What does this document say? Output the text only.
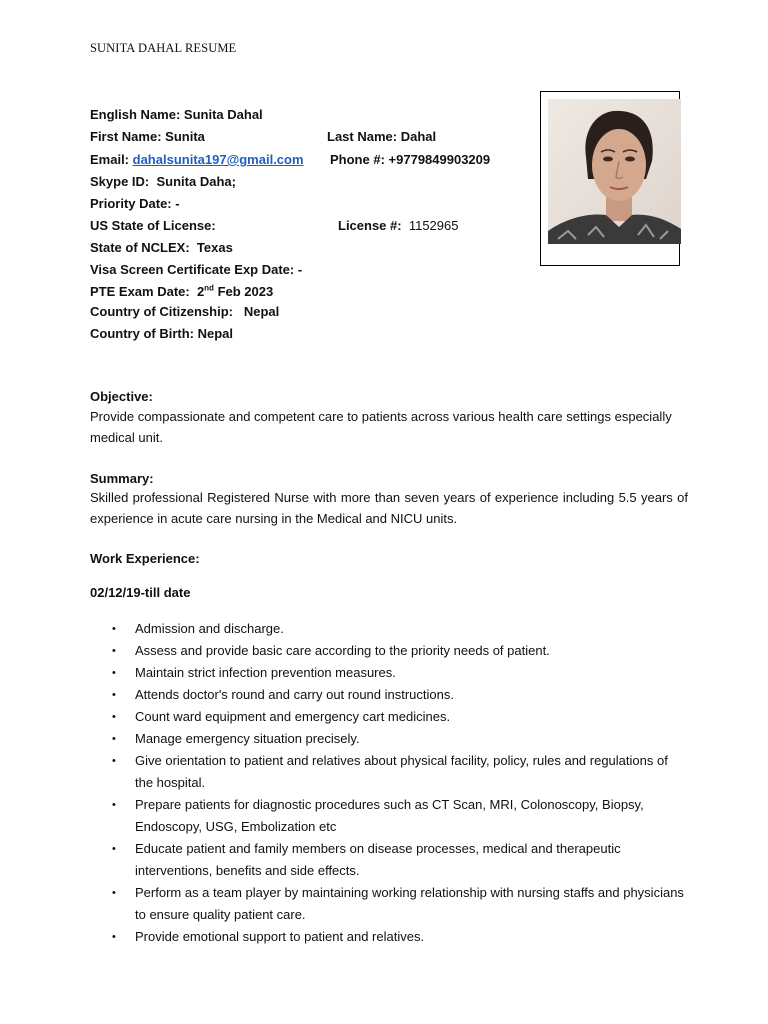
SUNITA DAHAL RESUME
English Name: Sunita Dahal
First Name: Sunita	Last Name: Dahal
Email: dahalsunita197@gmail.com Phone #: +9779849903209
Skype ID: Sunita Daha;
Priority Date: -
US State of License:	License #: 1152965
State of NCLEX: Texas
Visa Screen Certificate Exp Date: -
PTE Exam Date: 2nd Feb 2023
Country of Citizenship: Nepal
Country of Birth: Nepal
Objective:
Provide compassionate and competent care to patients across various health care settings especially medical unit.
Summary:
Skilled professional Registered Nurse with more than seven years of experience including 5.5 years of experience in acute care nursing in the Medical and NICU units.
Work Experience:
02/12/19-till date
• Admission and discharge.
• Assess and provide basic care according to the priority needs of patient.
• Maintain strict infection prevention measures.
• Attends doctor's round and carry out round instructions.
• Count ward equipment and emergency cart medicines.
• Manage emergency situation precisely.
• Give orientation to patient and relatives about physical facility, policy, rules and regulations of the hospital.
• Prepare patients for diagnostic procedures such as CT Scan, MRI, Colonoscopy, Biopsy, Endoscopy, USG, Embolization etc
• Educate patient and family members on disease processes, medical and therapeutic interventions, benefits and side effects.
• Perform as a team player by maintaining working relationship with nursing staffs and physicians to ensure quality patient care.
• Provide emotional support to patient and relatives.
